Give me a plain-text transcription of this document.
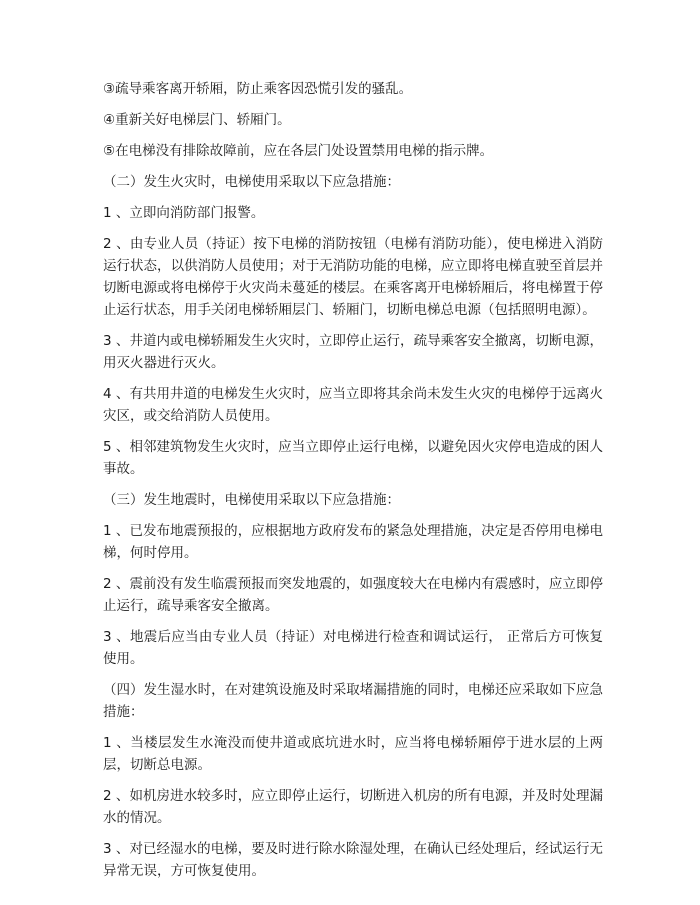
③疏导乘客离开轿厢，防止乘客因恐慌引发的骚乱。

④重新关好电梯层门、轿厢门。

⑤在电梯没有排除故障前，应在各层门处设置禁用电梯的指示牌。

（二）发生火灾时，电梯使用采取以下应急措施：

1 、立即向消防部门报警。

2 、由专业人员（持证）按下电梯的消防按钮（电梯有消防功能），使电梯进入消防运行状态，以供消防人员使用；对于无消防功能的电梯，应立即将电梯直驶至首层并切断电源或将电梯停于火灾尚未蔓延的楼层。在乘客离开电梯轿厢后，将电梯置于停止运行状态，用手关闭电梯轿厢层门、轿厢门，切断电梯总电源（包括照明电源）。

3 、井道内或电梯轿厢发生火灾时，立即停止运行，疏导乘客安全撤离，切断电源，用灭火器进行灭火。

4 、有共用井道的电梯发生火灾时，应当立即将其余尚未发生火灾的电梯停于远离火灾区，或交给消防人员使用。

5 、相邻建筑物发生火灾时，应当立即停止运行电梯，以避免因火灾停电造成的困人事故。

（三）发生地震时，电梯使用采取以下应急措施：

1 、已发布地震预报的，应根据地方政府发布的紧急处理措施，决定是否停用电梯电梯，何时停用。

2 、震前没有发生临震预报而突发地震的，如强度较大在电梯内有震感时，应立即停止运行，疏导乘客安全撤离。

3 、地震后应当由专业人员（持证）对电梯进行检查和调试运行， 正常后方可恢复使用。

（四）发生湿水时，在对建筑设施及时采取堵漏措施的同时，电梯还应采取如下应急措施：

1 、当楼层发生水淹没而使井道或底坑进水时，应当将电梯轿厢停于进水层的上两层，切断总电源。

2 、如机房进水较多时，应立即停止运行，切断进入机房的所有电源，并及时处理漏水的情况。

3 、对已经湿水的电梯，要及时进行除水除湿处理，在确认已经处理后，经试运行无异常无误，方可恢复使用。
